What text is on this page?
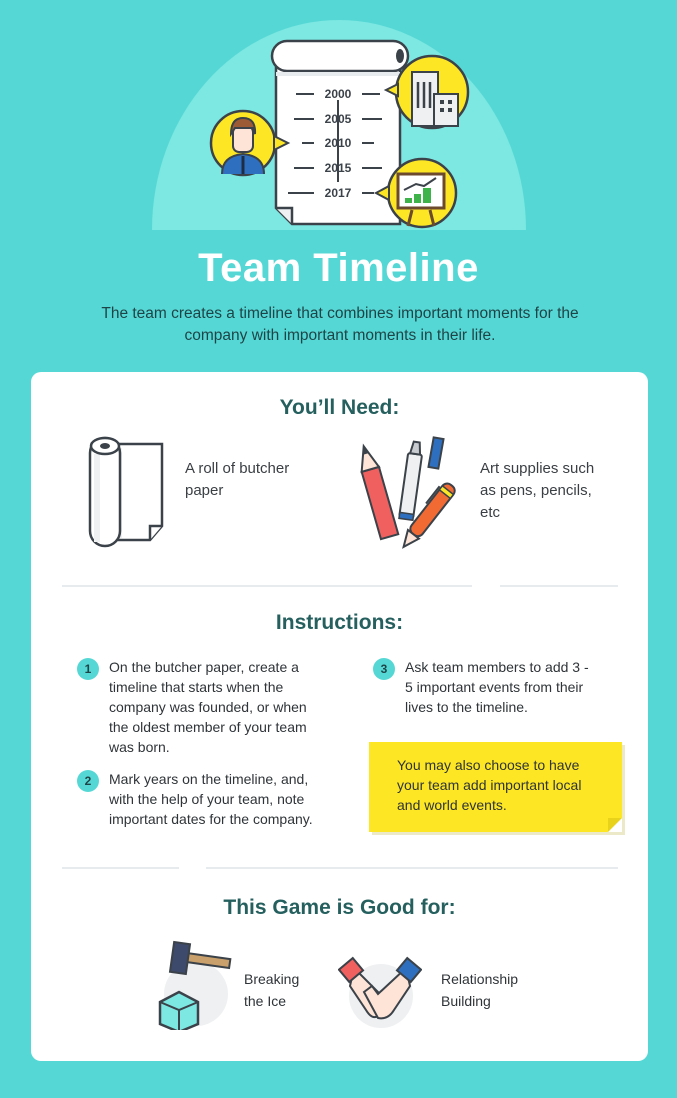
2000
2005
2010
2015
2017
Team Timeline
The team creates a timeline that combines important moments for the
company with important moments in their life.
You’ll Need:
A roll of butcher
paper
Art supplies such
as pens, pencils,
etc
Instructions:
1	On the butcher paper, create a
timeline that starts when the
company was founded, or when
the oldest member of your team
was born.
2	Mark years on the timeline, and,
with the help of your team, note
important dates for the company.
3	Ask team members to add 3 -
5 important events from their
lives to the timeline.
You may also choose to have
your team add important local
and world events.
This Game is Good for:
Breaking
the Ice
Relationship
Building
